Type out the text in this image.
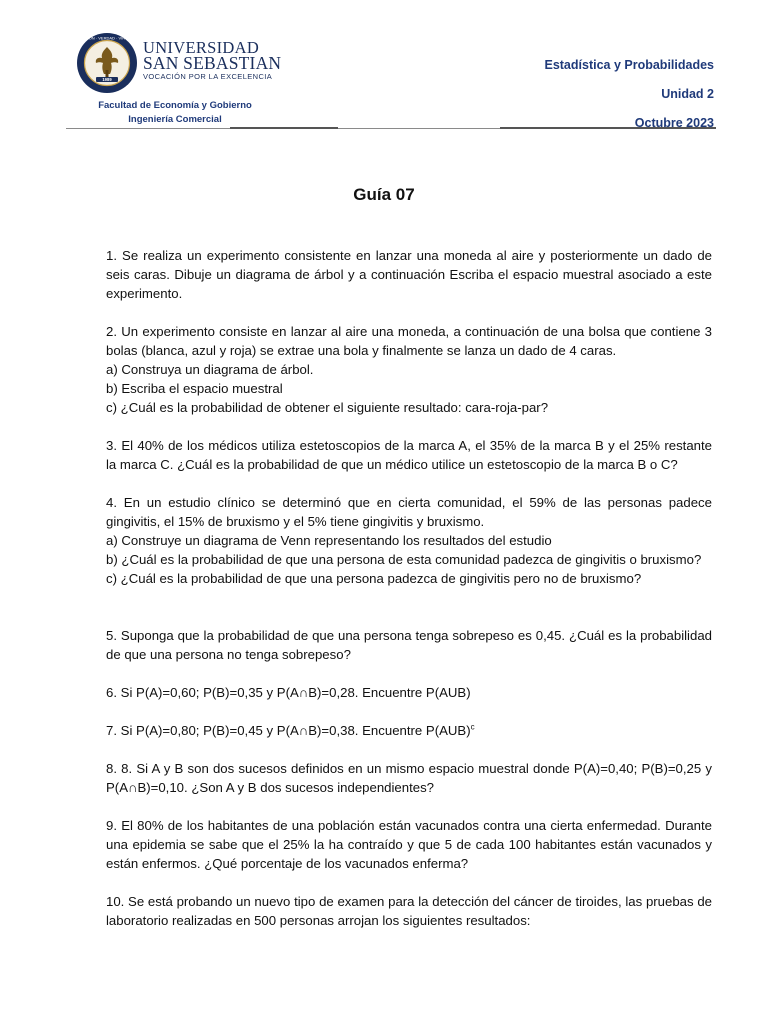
1989
RAZÓN · VERDAD · VIRTUD UNIVERSIDAD
SAN SEBASTIAN
VOCACIÓN POR LA EXCELENCIA
Facultad de Economía y Gobierno
Ingeniería Comercial
Estadística y Probabilidades
Unidad 2
Octubre 2023
Guía 07

1. Se realiza un experimento consistente en lanzar una moneda al aire y posteriormente un dado de seis caras. Dibuje un diagrama de árbol y a continuación Escriba el espacio muestral asociado a este experimento.

2. Un experimento consiste en lanzar al aire una moneda, a continuación de una bolsa que contiene 3 bolas (blanca, azul y roja) se extrae una bola y finalmente se lanza un dado de 4 caras.

a) Construya un diagrama de árbol.

b) Escriba el espacio muestral

c) ¿Cuál es la probabilidad de obtener el siguiente resultado: cara-roja-par?

3. El 40% de los médicos utiliza estetoscopios de la marca A, el 35% de la marca B y el 25% restante la marca C. ¿Cuál es la probabilidad de que un médico utilice un estetoscopio de la marca B o C?

4. En un estudio clínico se determinó que en cierta comunidad, el 59% de las personas padece gingivitis, el 15% de bruxismo y el 5% tiene gingivitis y bruxismo.

a) Construye un diagrama de Venn representando los resultados del estudio

b) ¿Cuál es la probabilidad de que una persona de esta comunidad padezca de gingivitis o bruxismo?

c) ¿Cuál es la probabilidad de que una persona padezca de gingivitis pero no de bruxismo?

5. Suponga que la probabilidad de que una persona tenga sobrepeso es 0,45. ¿Cuál es la probabilidad de que una persona no tenga sobrepeso?

6. Si P(A)=0,60; P(B)=0,35 y P(A∩B)=0,28. Encuentre P(AUB)

7. Si P(A)=0,80; P(B)=0,45 y P(A∩B)=0,38. Encuentre P(AUB)$^c$

8. 8. Si A y B son dos sucesos definidos en un mismo espacio muestral donde P(A)=0,40; P(B)=0,25 y P(A∩B)=0,10. ¿Son A y B dos sucesos independientes?

9. El 80% de los habitantes de una población están vacunados contra una cierta enfermedad. Durante una epidemia se sabe que el 25% la ha contraído y que 5 de cada 100 habitantes están vacunados y están enfermos. ¿Qué porcentaje de los vacunados enferma?

10. Se está probando un nuevo tipo de examen para la detección del cáncer de tiroides, las pruebas de laboratorio realizadas en 500 personas arrojan los siguientes resultados:
